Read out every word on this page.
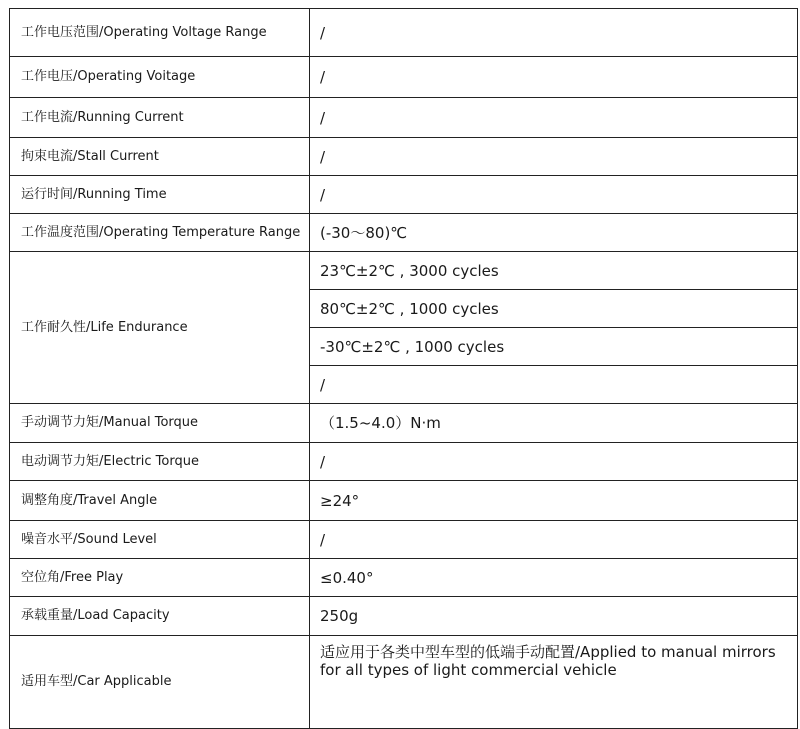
工作电压范围/Operating Voltage Range	/
工作电压/Operating Voitage	/
工作电流/Running Current	/
拘束电流/Stall Current	/
运行时间/Running Time	/
工作温度范围/Operating Temperature Range	(-30～80)℃
工作耐久性/Life Endurance	23℃±2℃ , 3000 cycles
	80℃±2℃ , 1000 cycles
	-30℃±2℃ , 1000 cycles
	/
手动调节力矩/Manual Torque	（1.5~4.0）N·m
电动调节力矩/Electric Torque	/
调整角度/Travel Angle	≥24°
噪音水平/Sound Level	/
空位角/Free Play	≤0.40°
承载重量/Load Capacity	250g
适用车型/Car Applicable	适应用于各类中型车型的低端手动配置/Applied to manual mirrors for all types of light commercial vehicle
